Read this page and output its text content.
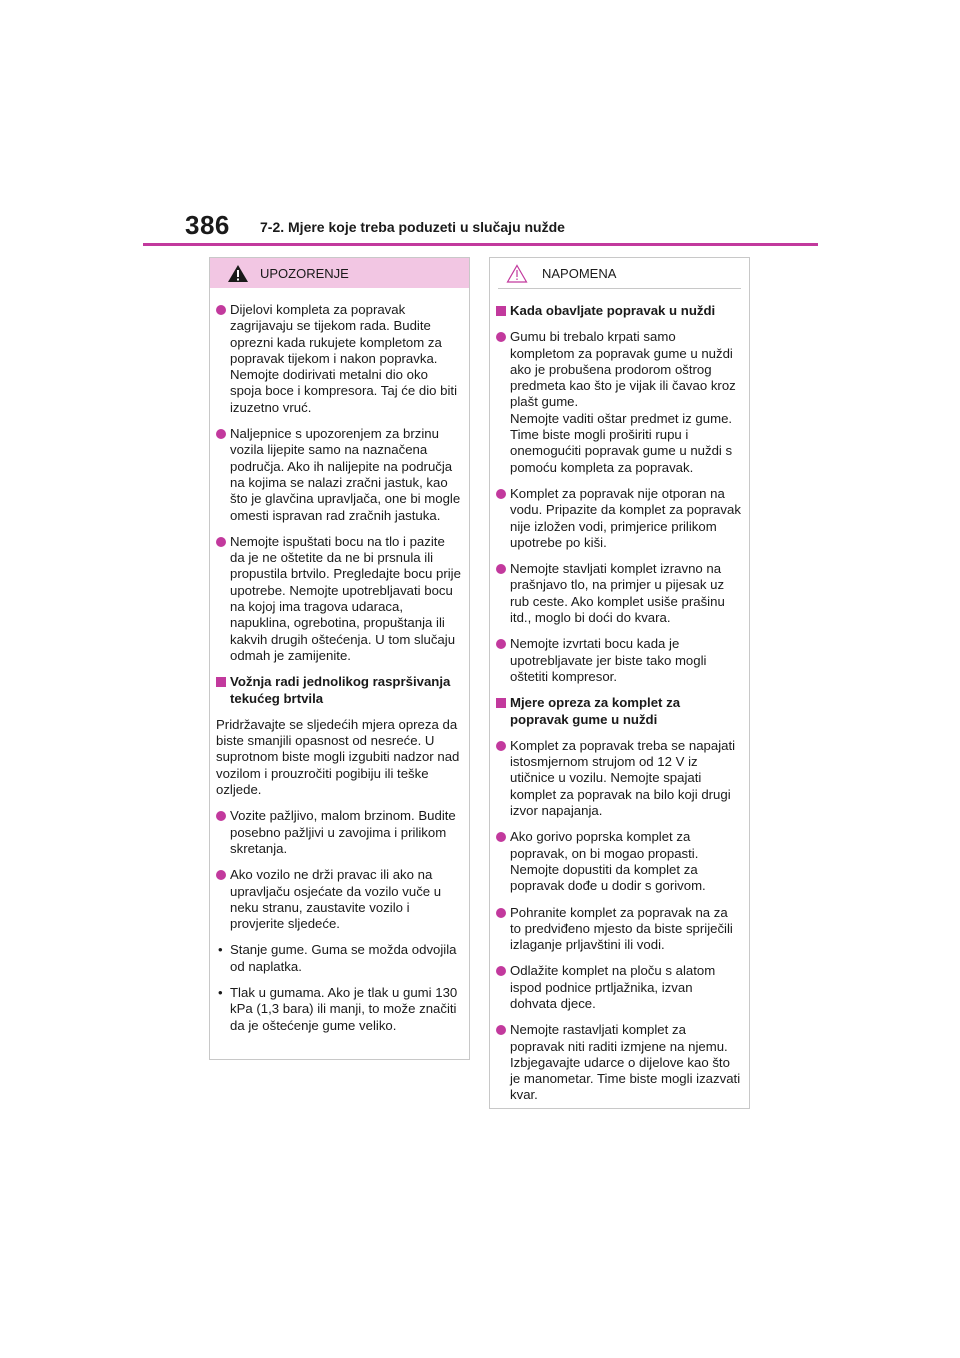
386 7-2. Mjere koje treba poduzeti u slučaju nužde
UPOZORENJE
Dijelovi kompleta za popravak zagrijavaju se tijekom rada. Budite oprezni kada rukujete kompletom za popravak tijekom i nakon popravka. Nemojte dodirivati metalni dio oko spoja boce i kompresora. Taj će dio biti izuzetno vruć.
Naljepnice s upozorenjem za brzinu vozila lijepite samo na naznačena područja. Ako ih nalijepite na područja na kojima se nalazi zračni jastuk, kao što je glavčina upravljača, one bi mogle omesti ispravan rad zračnih jastuka.
Nemojte ispuštati bocu na tlo i pazite da je ne oštetite da ne bi prsnula ili propustila brtvilo. Pregledajte bocu prije upotrebe. Nemojte upotrebljavati bocu na kojoj ima tragova udaraca, napuklina, ogrebotina, propuštanja ili kakvih drugih oštećenja. U tom slučaju odmah je zamijenite.
Vožnja radi jednolikog raspršivanja tekućeg brtvila
Pridržavajte se sljedećih mjera opreza da biste smanjili opasnost od nesreće. U suprotnom biste mogli izgubiti nadzor nad vozilom i prouzročiti pogibiju ili teške ozljede.
Vozite pažljivo, malom brzinom. Budite posebno pažljivi u zavojima i prilikom skretanja.
Ako vozilo ne drži pravac ili ako na upravljaču osjećate da vozilo vuče u neku stranu, zaustavite vozilo i provjerite sljedeće.
• Stanje gume. Guma se možda odvojila od naplatka.
• Tlak u gumama. Ako je tlak u gumi 130 kPa (1,3 bara) ili manji, to može značiti da je oštećenje gume veliko.
NAPOMENA
Kada obavljate popravak u nuždi
Gumu bi trebalo krpati samo kompletom za popravak gume u nuždi ako je probušena prodorom oštrog predmeta kao što je vijak ili čavao kroz plašt gume.
Nemojte vaditi oštar predmet iz gume. Time biste mogli proširiti rupu i onemogućiti popravak gume u nuždi s pomoću kompleta za popravak.
Komplet za popravak nije otporan na vodu. Pripazite da komplet za popravak nije izložen vodi, primjerice prilikom upotrebe po kiši.
Nemojte stavljati komplet izravno na prašnjavo tlo, na primjer u pijesak uz rub ceste. Ako komplet usiše prašinu itd., moglo bi doći do kvara.
Nemojte izvrtati bocu kada je upotrebljavate jer biste tako mogli oštetiti kompresor.
Mjere opreza za komplet za popravak gume u nuždi
Komplet za popravak treba se napajati istosmjernom strujom od 12 V iz utičnice u vozilu. Nemojte spajati komplet za popravak na bilo koji drugi izvor napajanja.
Ako gorivo poprska komplet za popravak, on bi mogao propasti. Nemojte dopustiti da komplet za popravak dođe u dodir s gorivom.
Pohranite komplet za popravak na za to predviđeno mjesto da biste spriječili izlaganje prljavštini ili vodi.
Odlažite komplet na ploču s alatom ispod podnice prtljažnika, izvan dohvata djece.
Nemojte rastavljati komplet za popravak niti raditi izmjene na njemu. Izbjegavajte udarce o dijelove kao što je manometar. Time biste mogli izazvati kvar.
